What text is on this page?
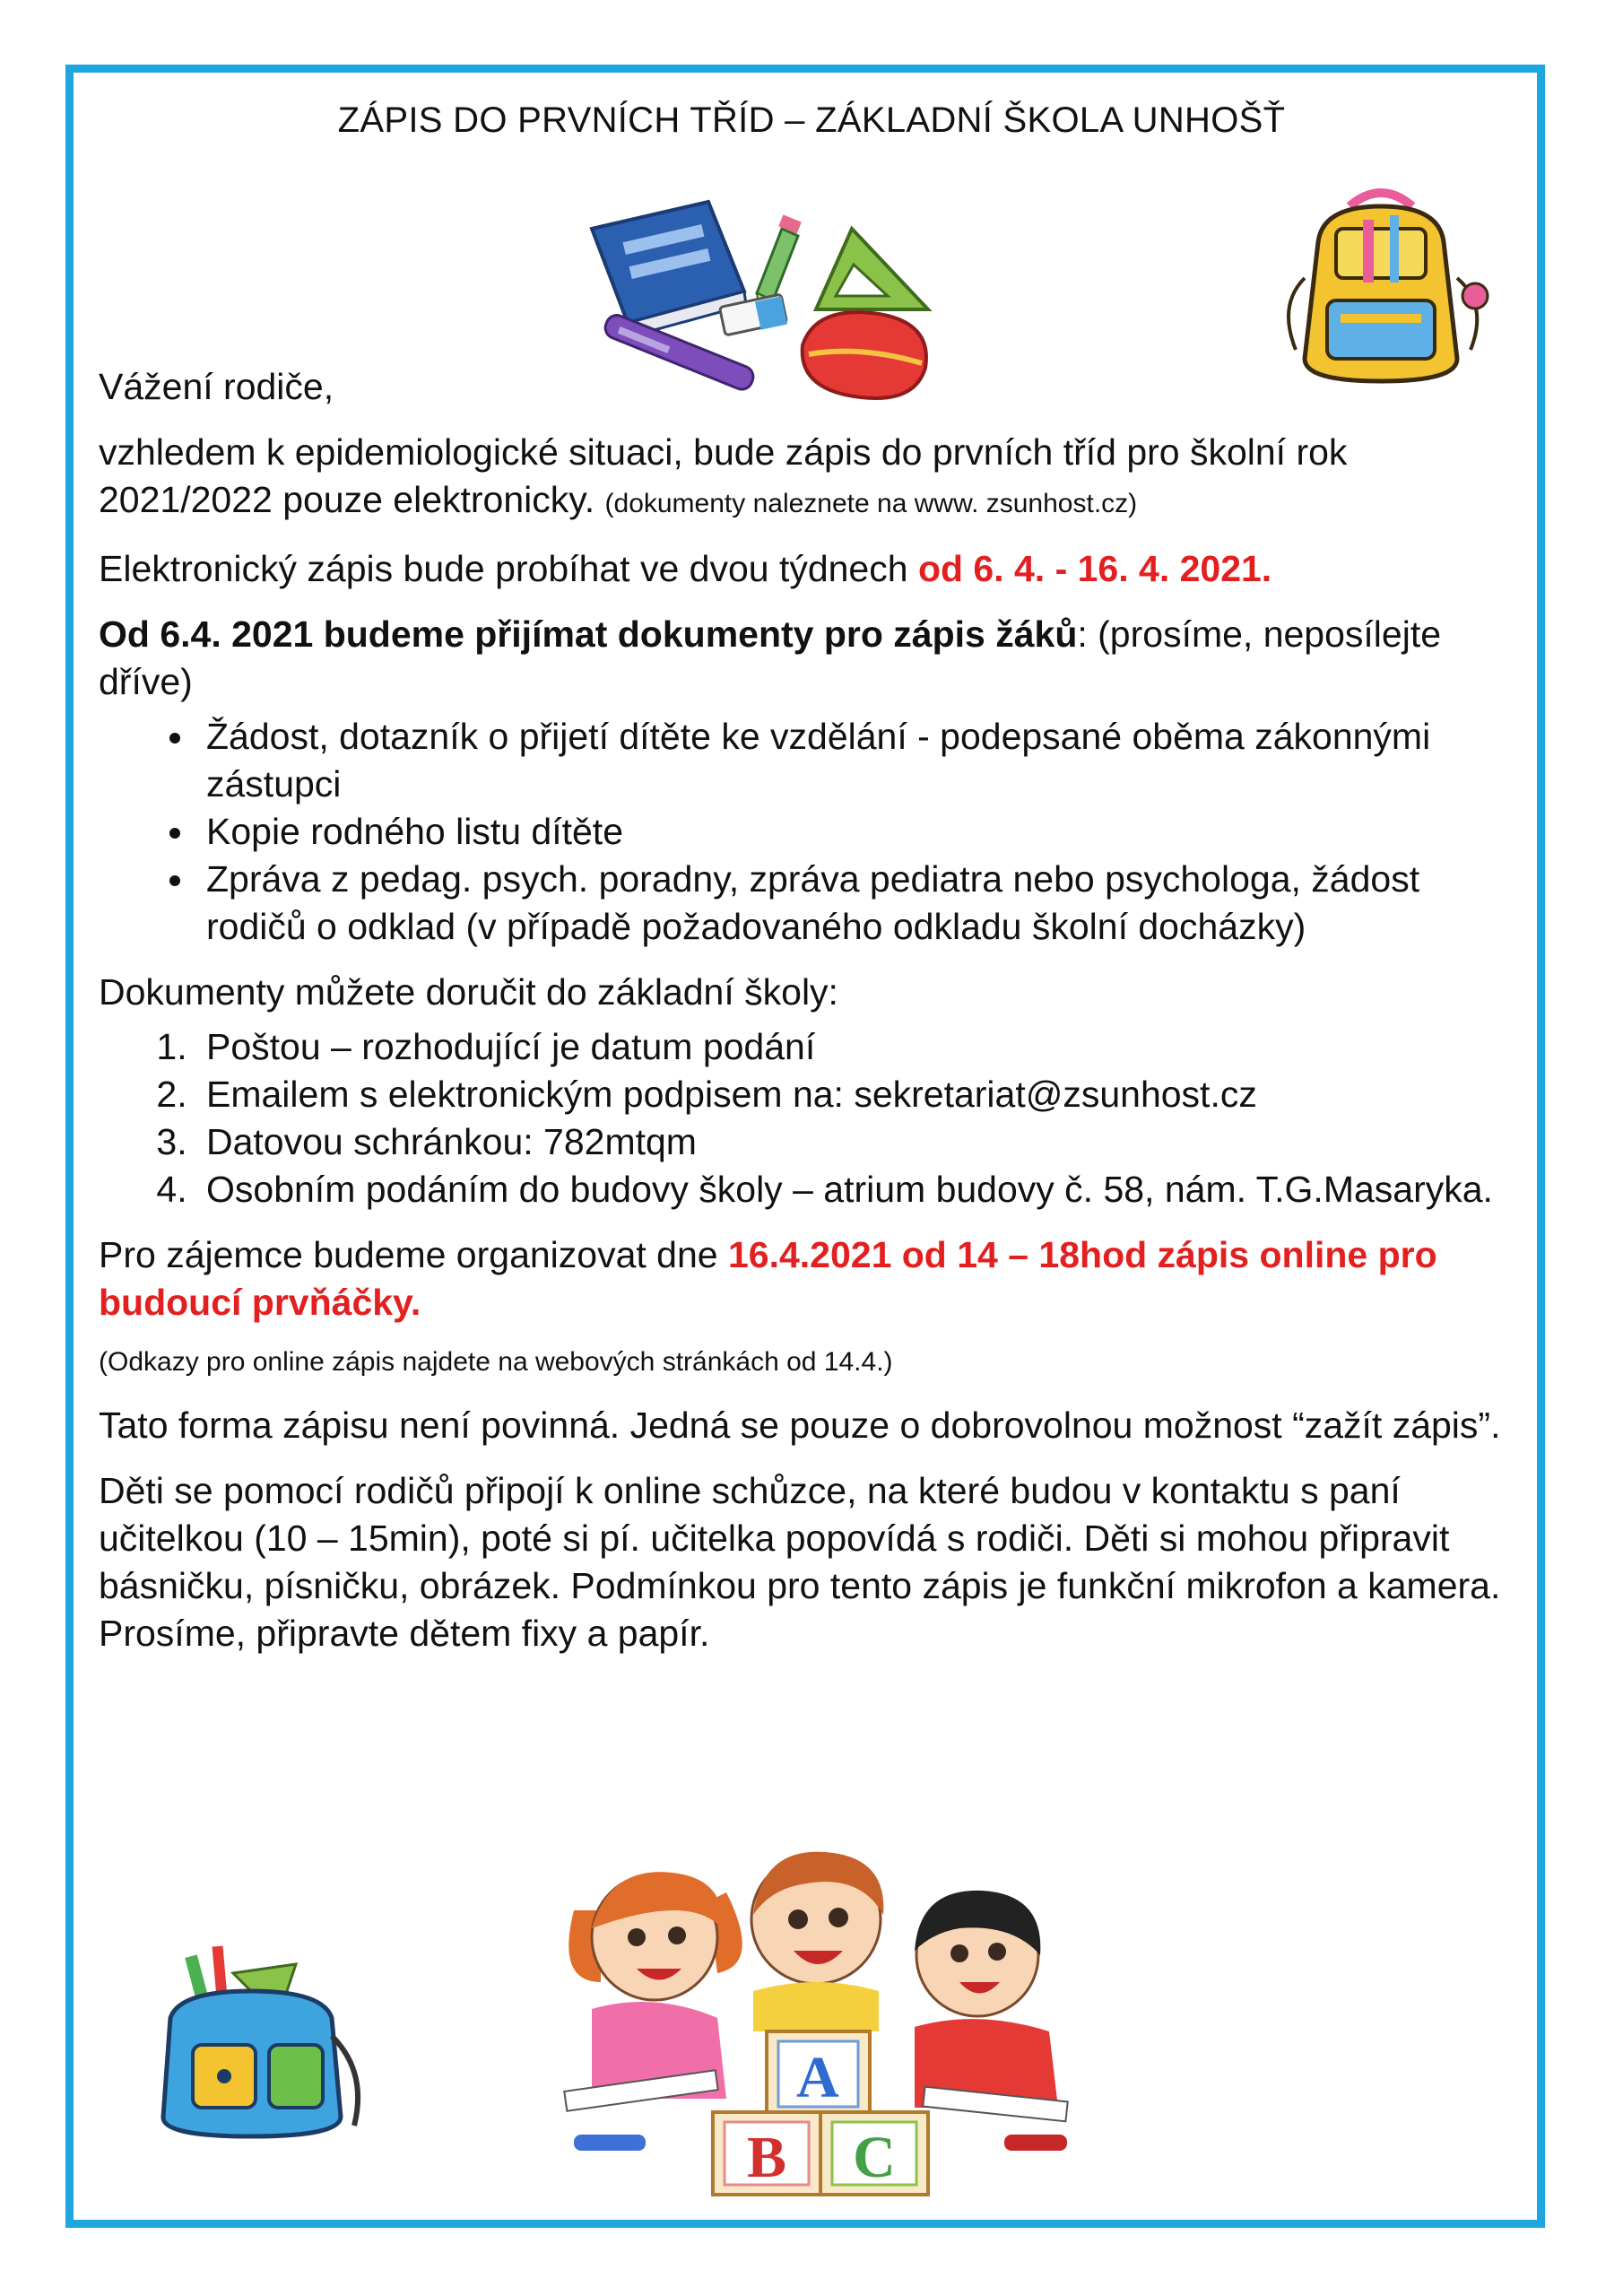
ZÁPIS DO PRVNÍCH TŘÍD – ZÁKLADNÍ ŠKOLA UNHOŠŤ

Vážení rodiče,

vzhledem k epidemiologické situaci, bude zápis do prvních tříd pro školní rok 2021/2022 pouze elektronicky. (dokumenty naleznete na www. zsunhost.cz)

Elektronický zápis bude probíhat ve dvou týdnech od 6. 4. - 16. 4. 2021.

Od 6.4. 2021 budeme přijímat dokumenty pro zápis žáků: (prosíme, neposílejte dříve)

• Žádost, dotazník o přijetí dítěte ke vzdělání - podepsané oběma zákonnými zástupci
• Kopie rodného listu dítěte
• Zpráva z pedag. psych. poradny, zpráva pediatra nebo psychologa, žádost rodičů o odklad (v případě požadovaného odkladu školní docházky)

Dokumenty můžete doručit do základní školy:

1. Poštou – rozhodující je datum podání
2. Emailem s elektronickým podpisem na: sekretariat@zsunhost.cz
3. Datovou schránkou: 782mtqm
4. Osobním podáním do budovy školy – atrium budovy č. 58, nám. T.G.Masaryka.

Pro zájemce budeme organizovat dne 16.4.2021 od 14 – 18hod zápis online pro budoucí prvňáčky.

(Odkazy pro online zápis najdete na webových stránkách od 14.4.)

Tato forma zápisu není povinná. Jedná se pouze o dobrovolnou možnost “zažít zápis”.

Děti se pomocí rodičů připojí k online schůzce, na které budou v kontaktu s paní učitelkou (10 – 15min), poté si pí. učitelka popovídá s rodiči. Děti si mohou připravit básničku, písničku, obrázek. Podmínkou pro tento zápis je funkční mikrofon a kamera. Prosíme, připravte dětem fixy a papír.

A
B C
